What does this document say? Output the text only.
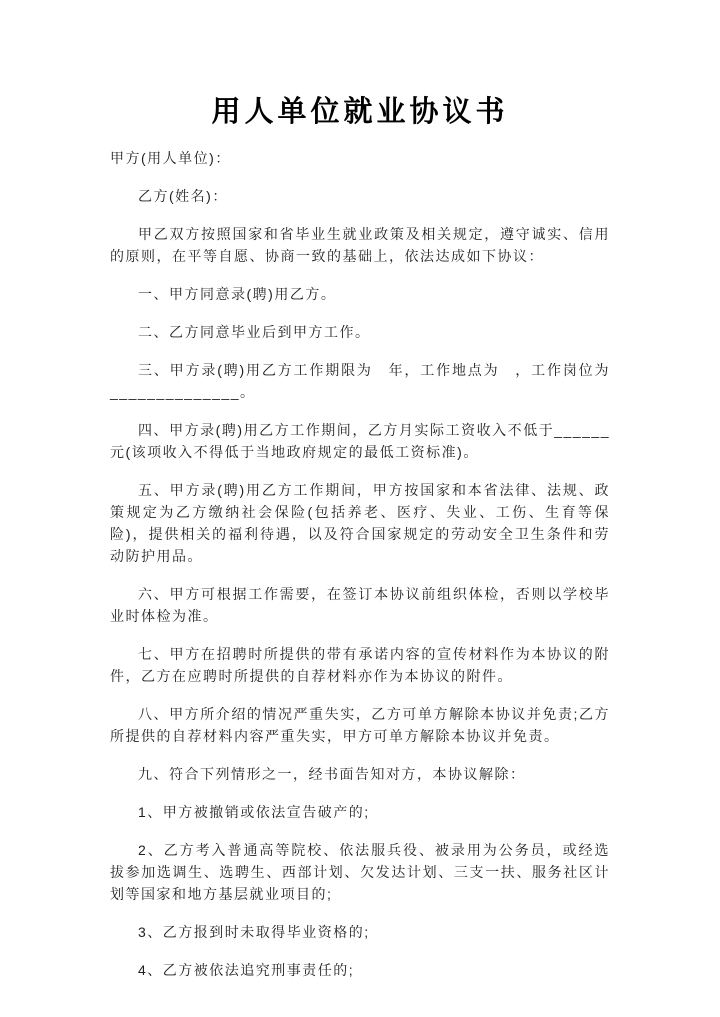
用人单位就业协议书

甲方(用人单位)：

乙方(姓名)：

甲乙双方按照国家和省毕业生就业政策及相关规定，遵守诚实、信用的原则，在平等自愿、协商一致的基础上，依法达成如下协议：

一、甲方同意录(聘)用乙方。

二、乙方同意毕业后到甲方工作。

三、甲方录(聘)用乙方工作期限为　年，工作地点为　，工作岗位为______________。

四、甲方录(聘)用乙方工作期间，乙方月实际工资收入不低于______元(该项收入不得低于当地政府规定的最低工资标准)。

五、甲方录(聘)用乙方工作期间，甲方按国家和本省法律、法规、政策规定为乙方缴纳社会保险(包括养老、医疗、失业、工伤、生育等保险)，提供相关的福利待遇，以及符合国家规定的劳动安全卫生条件和劳动防护用品。

六、甲方可根据工作需要，在签订本协议前组织体检，否则以学校毕业时体检为准。

七、甲方在招聘时所提供的带有承诺内容的宣传材料作为本协议的附件，乙方在应聘时所提供的自荐材料亦作为本协议的附件。

八、甲方所介绍的情况严重失实，乙方可单方解除本协议并免责;乙方所提供的自荐材料内容严重失实，甲方可单方解除本协议并免责。

九、符合下列情形之一，经书面告知对方，本协议解除：

1、甲方被撤销或依法宣告破产的;

2、乙方考入普通高等院校、依法服兵役、被录用为公务员，或经选拔参加选调生、选聘生、西部计划、欠发达计划、三支一扶、服务社区计划等国家和地方基层就业项目的;

3、乙方报到时未取得毕业资格的;

4、乙方被依法追究刑事责任的;
